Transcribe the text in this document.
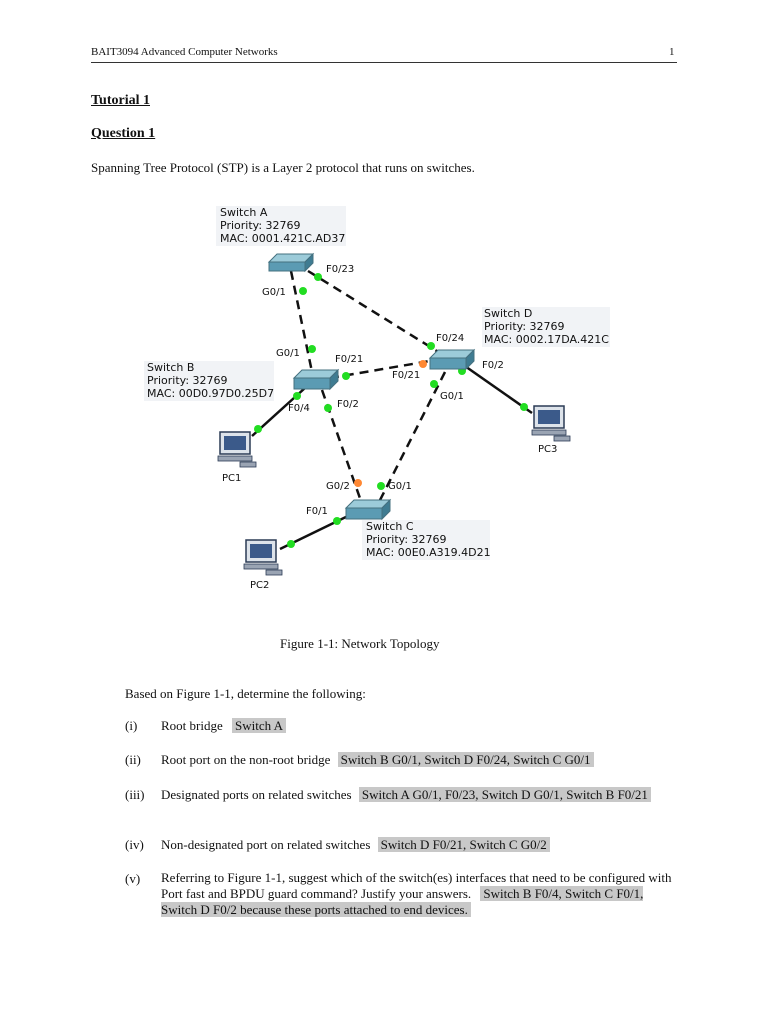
BAIT3094 Advanced Computer Networks	1
Tutorial 1
Question 1
Spanning Tree Protocol (STP) is a Layer 2 protocol that runs on switches.
Switch A
Priority: 32769
MAC: 0001.421C.AD37
Switch D
Priority: 32769
MAC: 0002.17DA.421C
Switch B
Priority: 32769
MAC: 00D0.97D0.25D7
Switch C
Priority: 32769
MAC: 00E0.A319.4D21
G0/1
F0/23
G0/1
F0/21
F0/4	F0/2
F0/24
F0/21
F0/2
G0/1
G0/2	G0/1
F0/1
PC1
PC2
PC3
Figure 1-1: Network Topology
Based on Figure 1-1, determine the following:
(i) Root bridge Switch A
(ii) Root port on the non-root bridge Switch B G0/1, Switch D F0/24, Switch C G0/1
(iii) Designated ports on related switches Switch A G0/1, F0/23, Switch D G0/1, Switch B F0/21
(iv) Non-designated port on related switches Switch D F0/21, Switch C G0/2
(v) Referring to Figure 1-1, suggest which of the switch(es) interfaces that need to be configured with Port fast and BPDU guard command? Justify your answers. Switch B F0/4, Switch C F0/1, Switch D F0/2 because these ports attached to end devices.
